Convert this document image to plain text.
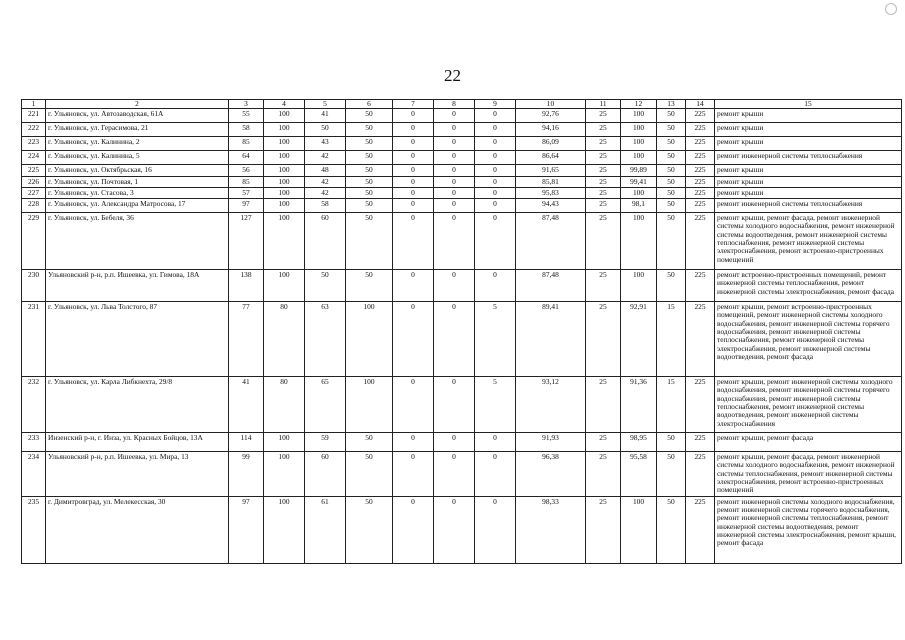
22
1	2	3	4	5	6	7	8	9	10	11	12	13	14	15
221	г. Ульяновск, ул. Автозаводская, 61А	55	100	41	50	0	0	0	92,76	25	100	50	225	ремонт крыши
222	г. Ульяновск, ул. Герасимова, 21	58	100	50	50	0	0	0	94,16	25	100	50	225	ремонт крыши
223	г. Ульяновск, ул. Калинина, 2	85	100	43	50	0	0	0	86,09	25	100	50	225	ремонт крыши
224	г. Ульяновск, ул. Калинина, 5	64	100	42	50	0	0	0	86,64	25	100	50	225	ремонт инженерной системы теплоснабжения
225	г. Ульяновск, ул. Октябрьская, 16	56	100	48	50	0	0	0	91,65	25	99,89	50	225	ремонт крыши
226	г. Ульяновск, ул. Почтовая, 1	85	100	42	50	0	0	0	85,81	25	99,41	50	225	ремонт крыши
227	г. Ульяновск, ул. Стасова, 3	57	100	42	50	0	0	0	95,83	25	100	50	225	ремонт крыши
228	г. Ульяновск, ул. Александра Матросова, 17	97	100	58	50	0	0	0	94,43	25	98,1	50	225	ремонт инженерной системы теплоснабжения
229	г. Ульяновск, ул. Бебеля, 36	127	100	60	50	0	0	0	87,48	25	100	50	225	ремонт крыши, ремонт фасада, ремонт инженерной системы холодного водоснабжения, ремонт инженерной системы водоотведения, ремонт инженерной системы теплоснабжения, ремонт инженерной системы электроснабжения, ремонт встроенно-пристроенных помещений
230	Ульяновский р-н, р.п. Ишеевка, ул. Гимова, 18А	138	100	50	50	0	0	0	87,48	25	100	50	225	ремонт встроенно-пристроенных помещений, ремонт инженерной системы теплоснабжения, ремонт инженерной системы электроснабжения, ремонт фасада
231	г. Ульяновск, ул. Льва Толстого, 87	77	80	63	100	0	0	5	89,41	25	92,91	15	225	ремонт крыши, ремонт встроенно-пристроенных помещений, ремонт инженерной системы холодного водоснабжения, ремонт инженерной системы горячего водоснабжения, ремонт инженерной системы теплоснабжения, ремонт инженерной системы электроснабжения, ремонт инженерной системы водоотведения, ремонт фасада
232	г. Ульяновск, ул. Карла Либкнехта, 29/8	41	80	65	100	0	0	5	93,12	25	91,36	15	225	ремонт крыши, ремонт инженерной системы холодного водоснабжения, ремонт инженерной системы горячего водоснабжения, ремонт инженерной системы теплоснабжения, ремонт инженерной системы водоотведения, ремонт инженерной системы электроснабжения
233	Инзенский р-н, г. Инза, ул. Красных Бойцов, 13А	114	100	59	50	0	0	0	91,93	25	98,95	50	225	ремонт крыши, ремонт фасада
234	Ульяновский р-н, р.п. Ишеевка, ул. Мира, 13	99	100	60	50	0	0	0	96,38	25	95,58	50	225	ремонт крыши, ремонт фасада, ремонт инженерной системы холодного водоснабжения, ремонт инженерной системы теплоснабжения, ремонт инженерной системы электроснабжения, ремонт встроенно-пристроенных помещений
235	г. Димитровград, ул. Мелекесская, 30	97	100	61	50	0	0	0	98,33	25	100	50	225	ремонт инженерной системы холодного водоснабжения, ремонт инженерной системы горячего водоснабжения, ремонт инженерной системы теплоснабжения, ремонт инженерной системы водоотведения, ремонт инженерной системы электроснабжения, ремонт крыши, ремонт фасада
